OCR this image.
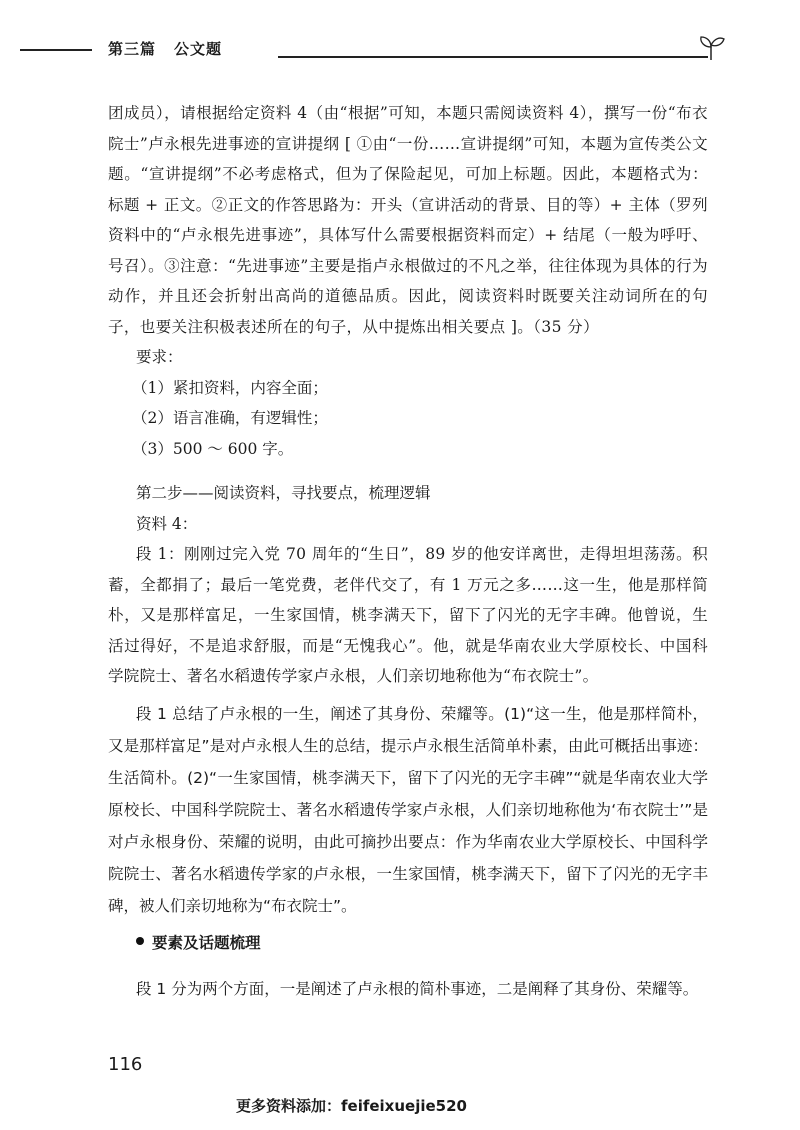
第三篇 公文题

团成员），请根据给定资料 4（由“根据”可知，本题只需阅读资料 4），撰写一份“布衣院士”卢永根先进事迹的宣讲提纲 [ ①由“一份……宣讲提纲”可知，本题为宣传类公文题。“宣讲提纲”不必考虑格式，但为了保险起见，可加上标题。因此，本题格式为：标题 + 正文。②正文的作答思路为：开头（宣讲活动的背景、目的等）+ 主体（罗列资料中的“卢永根先进事迹”，具体写什么需要根据资料而定）+ 结尾（一般为呼吁、号召）。③注意：“先进事迹”主要是指卢永根做过的不凡之举，往往体现为具体的行为动作，并且还会折射出高尚的道德品质。因此，阅读资料时既要关注动词所在的句子，也要关注积极表述所在的句子，从中提炼出相关要点 ]。（35 分）

要求：

（1）紧扣资料，内容全面；

（2）语言准确，有逻辑性；

（3）500 ～ 600 字。

第二步——阅读资料，寻找要点，梳理逻辑

资料 4：

段 1：刚刚过完入党 70 周年的“生日”，89 岁的他安详离世，走得坦坦荡荡。积蓄，全都捐了；最后一笔党费，老伴代交了，有 1 万元之多……这一生，他是那样简朴，又是那样富足，一生家国情，桃李满天下，留下了闪光的无字丰碑。他曾说，生活过得好，不是追求舒服，而是“无愧我心”。他，就是华南农业大学原校长、中国科学院院士、著名水稻遗传学家卢永根，人们亲切地称他为“布衣院士”。

段 1 总结了卢永根的一生，阐述了其身份、荣耀等。(1)“这一生，他是那样简朴，又是那样富足”是对卢永根人生的总结，提示卢永根生活简单朴素，由此可概括出事迹：生活简朴。(2)“一生家国情，桃李满天下，留下了闪光的无字丰碑”“就是华南农业大学原校长、中国科学院院士、著名水稻遗传学家卢永根，人们亲切地称他为‘布衣院士’”是对卢永根身份、荣耀的说明，由此可摘抄出要点：作为华南农业大学原校长、中国科学院院士、著名水稻遗传学家的卢永根，一生家国情，桃李满天下，留下了闪光的无字丰碑，被人们亲切地称为“布衣院士”。

要素及话题梳理

段 1 分为两个方面，一是阐述了卢永根的简朴事迹，二是阐释了其身份、荣耀等。

116
更多资料添加：feifeixuejie520
